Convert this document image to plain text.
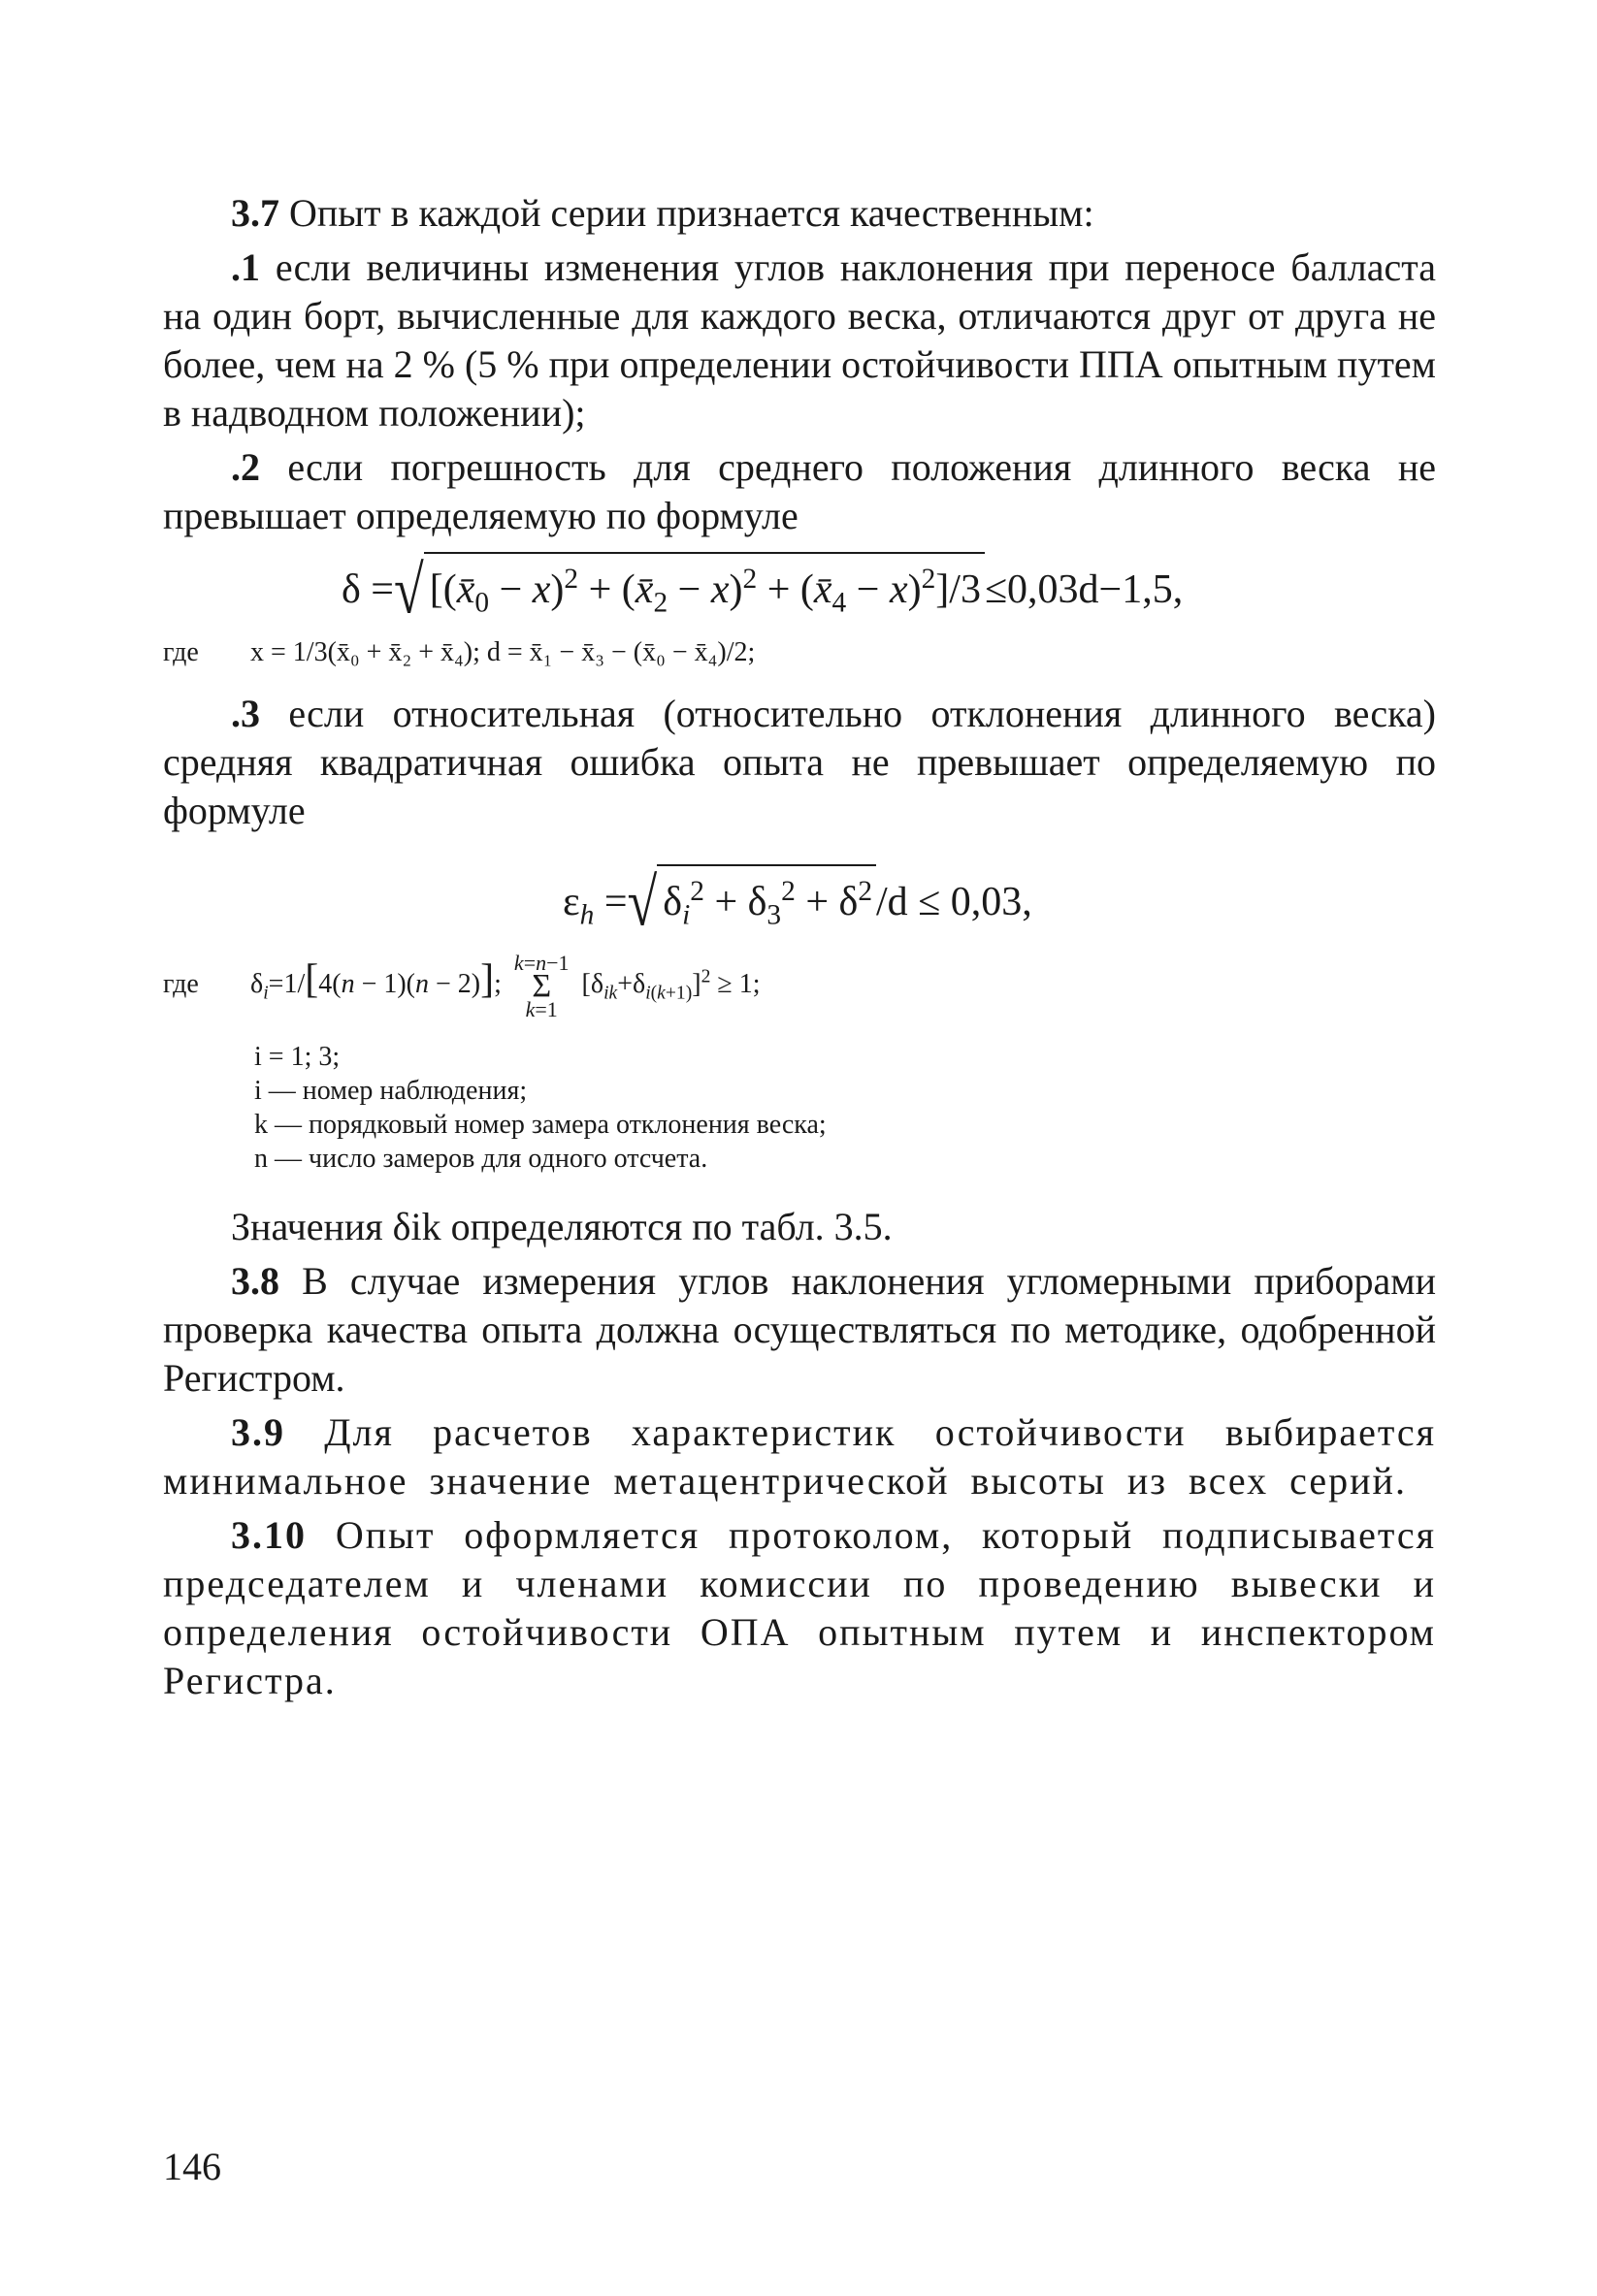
3.7 Опыт в каждой серии признается качественным:

.1 если величины изменения углов наклонения при переносе балласта на один борт, вычисленные для каждого веска, отличаются друг от друга не более, чем на 2 % (5 % при определении остойчивости ППА опытным путем в надводном положении);

.2 если погрешность для среднего положения длинного веска не превышает определяемую по формуле

δ =√ [$(x̄_0 - x)^2$ + $(x̄_2 - x)^2$ + $(x̄_4 - x)^2]/3\le 0,03d-1,5$,
где x = 1/3(x̄₀ + x̄₂ + x̄₄); d = x̄₁ − x̄₃ − (x̄₀ − x̄₄)/2;

.3 если относительная (относительно отклонения длинного веска) средняя квадратичная ошибка опыта не превышает определяемую по формуле

$\varepsilon_h$ =√ $\delta_i^2 + \delta_3^2 + \delta^2/d \le 0,03$,
где $\delta_i=1/[4(n - 1)(n - 2)]$; k=n−1
Σ
k=1 $[\delta_{ik}+\delta_{i(k+1)}]^2 \ge 1$;
i = 1; 3;
i — номер наблюдения;
k — порядковый номер замера отклонения веска;
n — число замеров для одного отсчета.

Значения δik определяются по табл. 3.5.

3.8 В случае измерения углов наклонения угломерными приборами проверка качества опыта должна осуществляться по методике, одобренной Регистром.

3.9 Для расчетов характеристик остойчивости выбирается минимальное значение метацентрической высоты из всех серий.

3.10 Опыт оформляется протоколом, который подписывается председателем и членами комиссии по проведению вывески и определения остойчивости ОПА опытным путем и инспектором Регистра.

146
